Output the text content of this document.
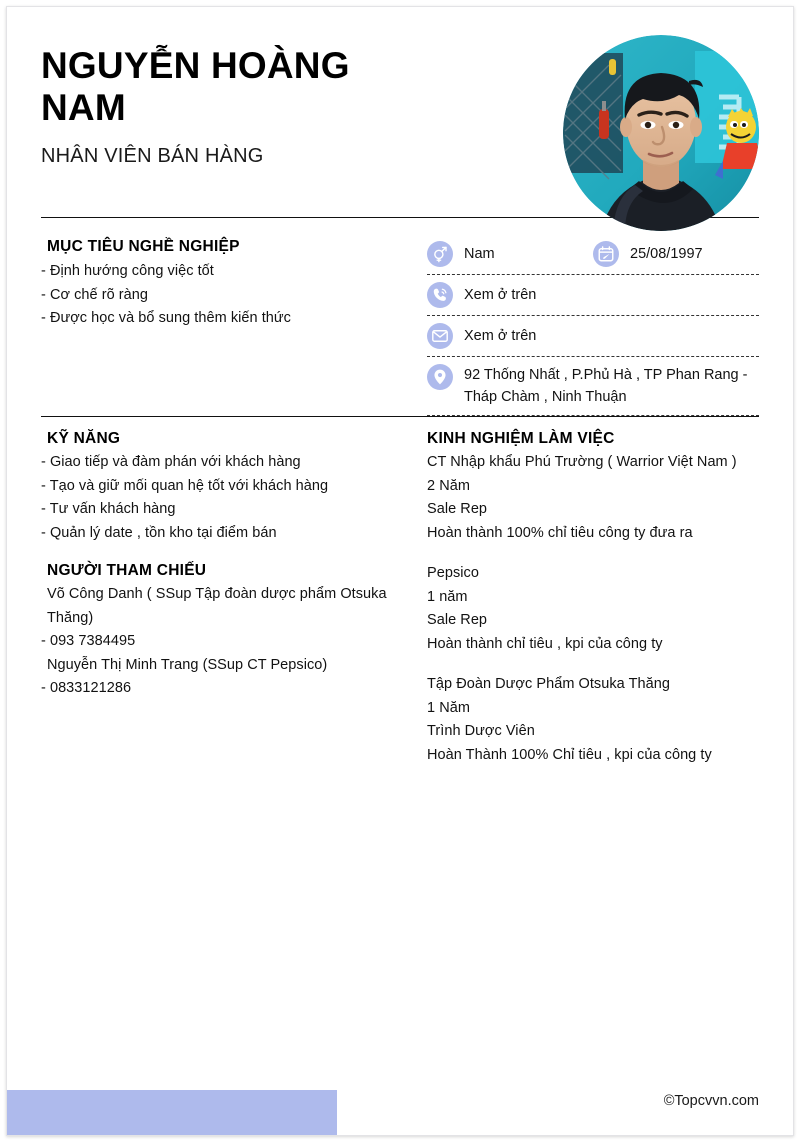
NGUYỄN HOÀNG NAM
NHÂN VIÊN BÁN HÀNG
MỤC TIÊU NGHỀ NGHIỆP
- Định hướng công việc tốt
- Cơ chế rõ ràng
- Được học và bổ sung thêm kiến thức
Nam	25/08/1997
Xem ở trên
Xem ở trên
92 Thống Nhất , P.Phủ Hà , TP Phan Rang - Tháp Chàm , Ninh Thuận
KỸ NĂNG
- Giao tiếp và đàm phán với khách hàng
- Tạo và giữ mối quan hệ tốt với khách hàng
- Tư vấn khách hàng
- Quản lý date , tồn kho tại điểm bán
NGƯỜI THAM CHIẾU
Võ Công Danh ( SSup Tập đoàn dược phẩm Otsuka Thăng)
- 093 7384495
Nguyễn Thị Minh Trang (SSup CT Pepsico)
- 0833121286
KINH NGHIỆM LÀM VIỆC
CT Nhập khẩu Phú Trường ( Warrior Việt Nam )
2 Năm
Sale Rep
Hoàn thành 100% chỉ tiêu công ty đưa ra
Pepsico
1 năm
Sale Rep
Hoàn thành chỉ tiêu , kpi của công ty
Tập Đoàn Dược Phẩm Otsuka Thăng
1 Năm
Trình Dược Viên
Hoàn Thành 100% Chỉ tiêu , kpi của công ty
©Topcvvn.com
